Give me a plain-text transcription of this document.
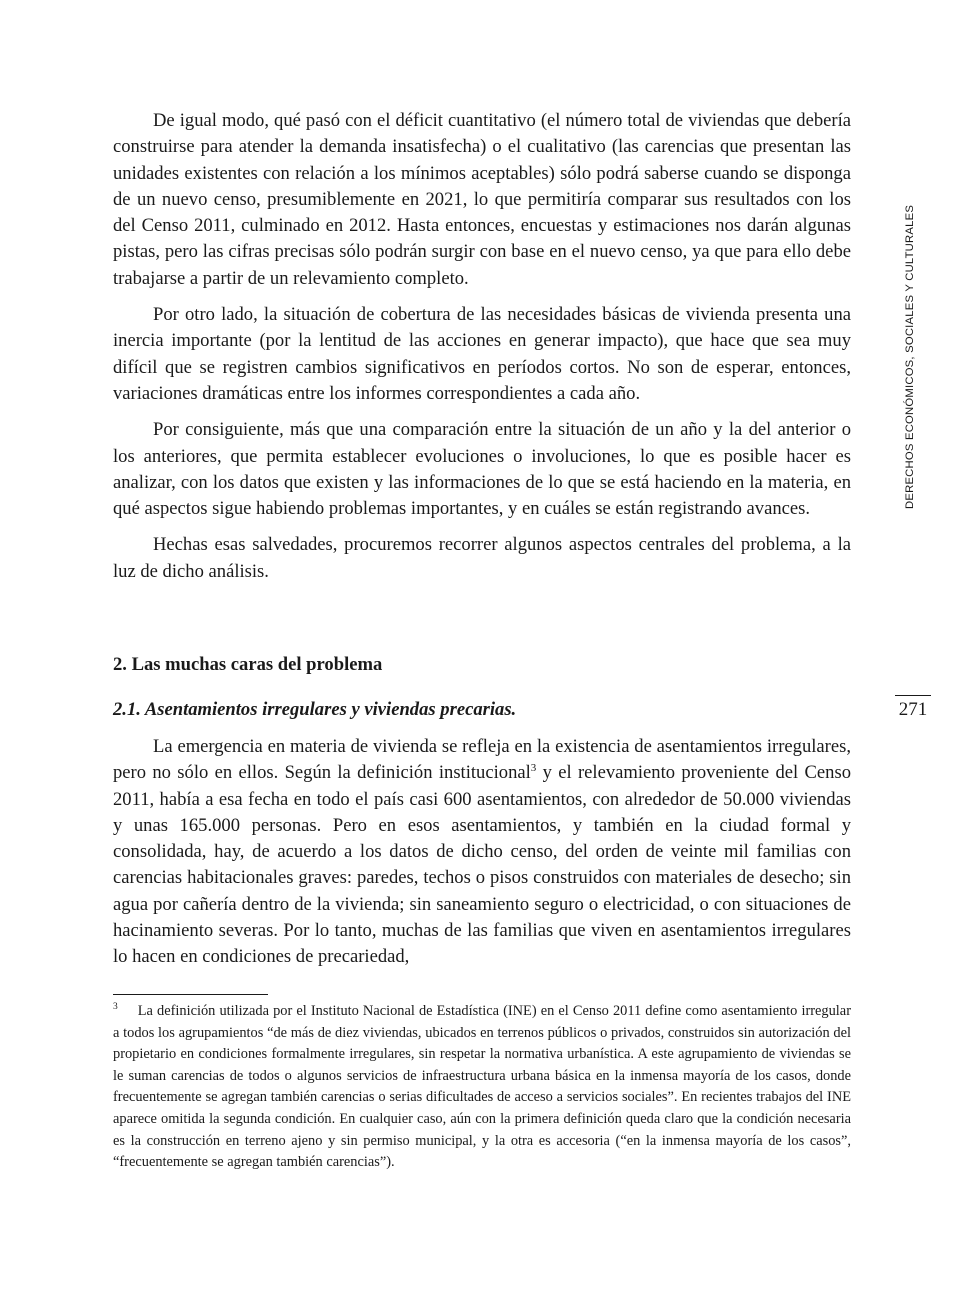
De igual modo, qué pasó con el déficit cuantitativo (el número total de viviendas que debería construirse para atender la demanda insatisfecha) o el cualitativo (las carencias que presentan las unidades existentes con relación a los mínimos aceptables) sólo podrá saberse cuando se disponga de un nuevo censo, presumiblemente en 2021, lo que permitiría comparar sus resultados con los del Censo 2011, culminado en 2012. Hasta entonces, encuestas y estimaciones nos darán algunas pistas, pero las cifras precisas sólo podrán surgir con base en el nuevo censo, ya que para ello debe trabajarse a partir de un relevamiento completo.

Por otro lado, la situación de cobertura de las necesidades básicas de vivienda presenta una inercia importante (por la lentitud de las acciones en generar impacto), que hace que sea muy difícil que se registren cambios significativos en períodos cortos. No son de esperar, entonces, variaciones dramáticas entre los informes correspondientes a cada año.

Por consiguiente, más que una comparación entre la situación de un año y la del anterior o los anteriores, que permita establecer evoluciones o involuciones, lo que es posible hacer es analizar, con los datos que existen y las informaciones de lo que se está haciendo en la materia, en qué aspectos sigue habiendo problemas importantes, y en cuáles se están registrando avances.

Hechas esas salvedades, procuremos recorrer algunos aspectos centrales del problema, a la luz de dicho análisis.

2. Las muchas caras del problema
2.1. Asentamientos irregulares y viviendas precarias.

La emergencia en materia de vivienda se refleja en la existencia de asentamientos irregulares, pero no sólo en ellos. Según la definición institucional$^3$ y el relevamiento proveniente del Censo 2011, había a esa fecha en todo el país casi 600 asentamientos, con alrededor de 50.000 viviendas y unas 165.000 personas. Pero en esos asentamientos, y también en la ciudad formal y consolidada, hay, de acuerdo a los datos de dicho censo, del orden de veinte mil familias con carencias habitacionales graves: paredes, techos o pisos construidos con materiales de desecho; sin agua por cañería dentro de la vivienda; sin saneamiento seguro o electricidad, o con situaciones de hacinamiento severas. Por lo tanto, muchas de las familias que viven en asentamientos irregulares lo hacen en condiciones de precariedad,

$^3$ La definición utilizada por el Instituto Nacional de Estadística (INE) en el Censo 2011 define como asentamiento irregular a todos los agrupamientos “de más de diez viviendas, ubicados en terrenos públicos o privados, construidos sin autorización del propietario en condiciones formalmente irregulares, sin respetar la normativa urbanística. A este agrupamiento de viviendas se le suman carencias de todos o algunos servicios de infraestructura urbana básica en la inmensa mayoría de los casos, donde frecuentemente se agregan también carencias o serias dificultades de acceso a servicios sociales”. En recientes trabajos del INE aparece omitida la segunda condición. En cualquier caso, aún con la primera definición queda claro que la condición necesaria es la construcción en terreno ajeno y sin permiso municipal, y la otra es accesoria (“en la inmensa mayoría de los casos”, “frecuentemente se agregan también carencias”).

DERECHOS ECONÓMICOS, SOCIALES Y CULTURALES
271
